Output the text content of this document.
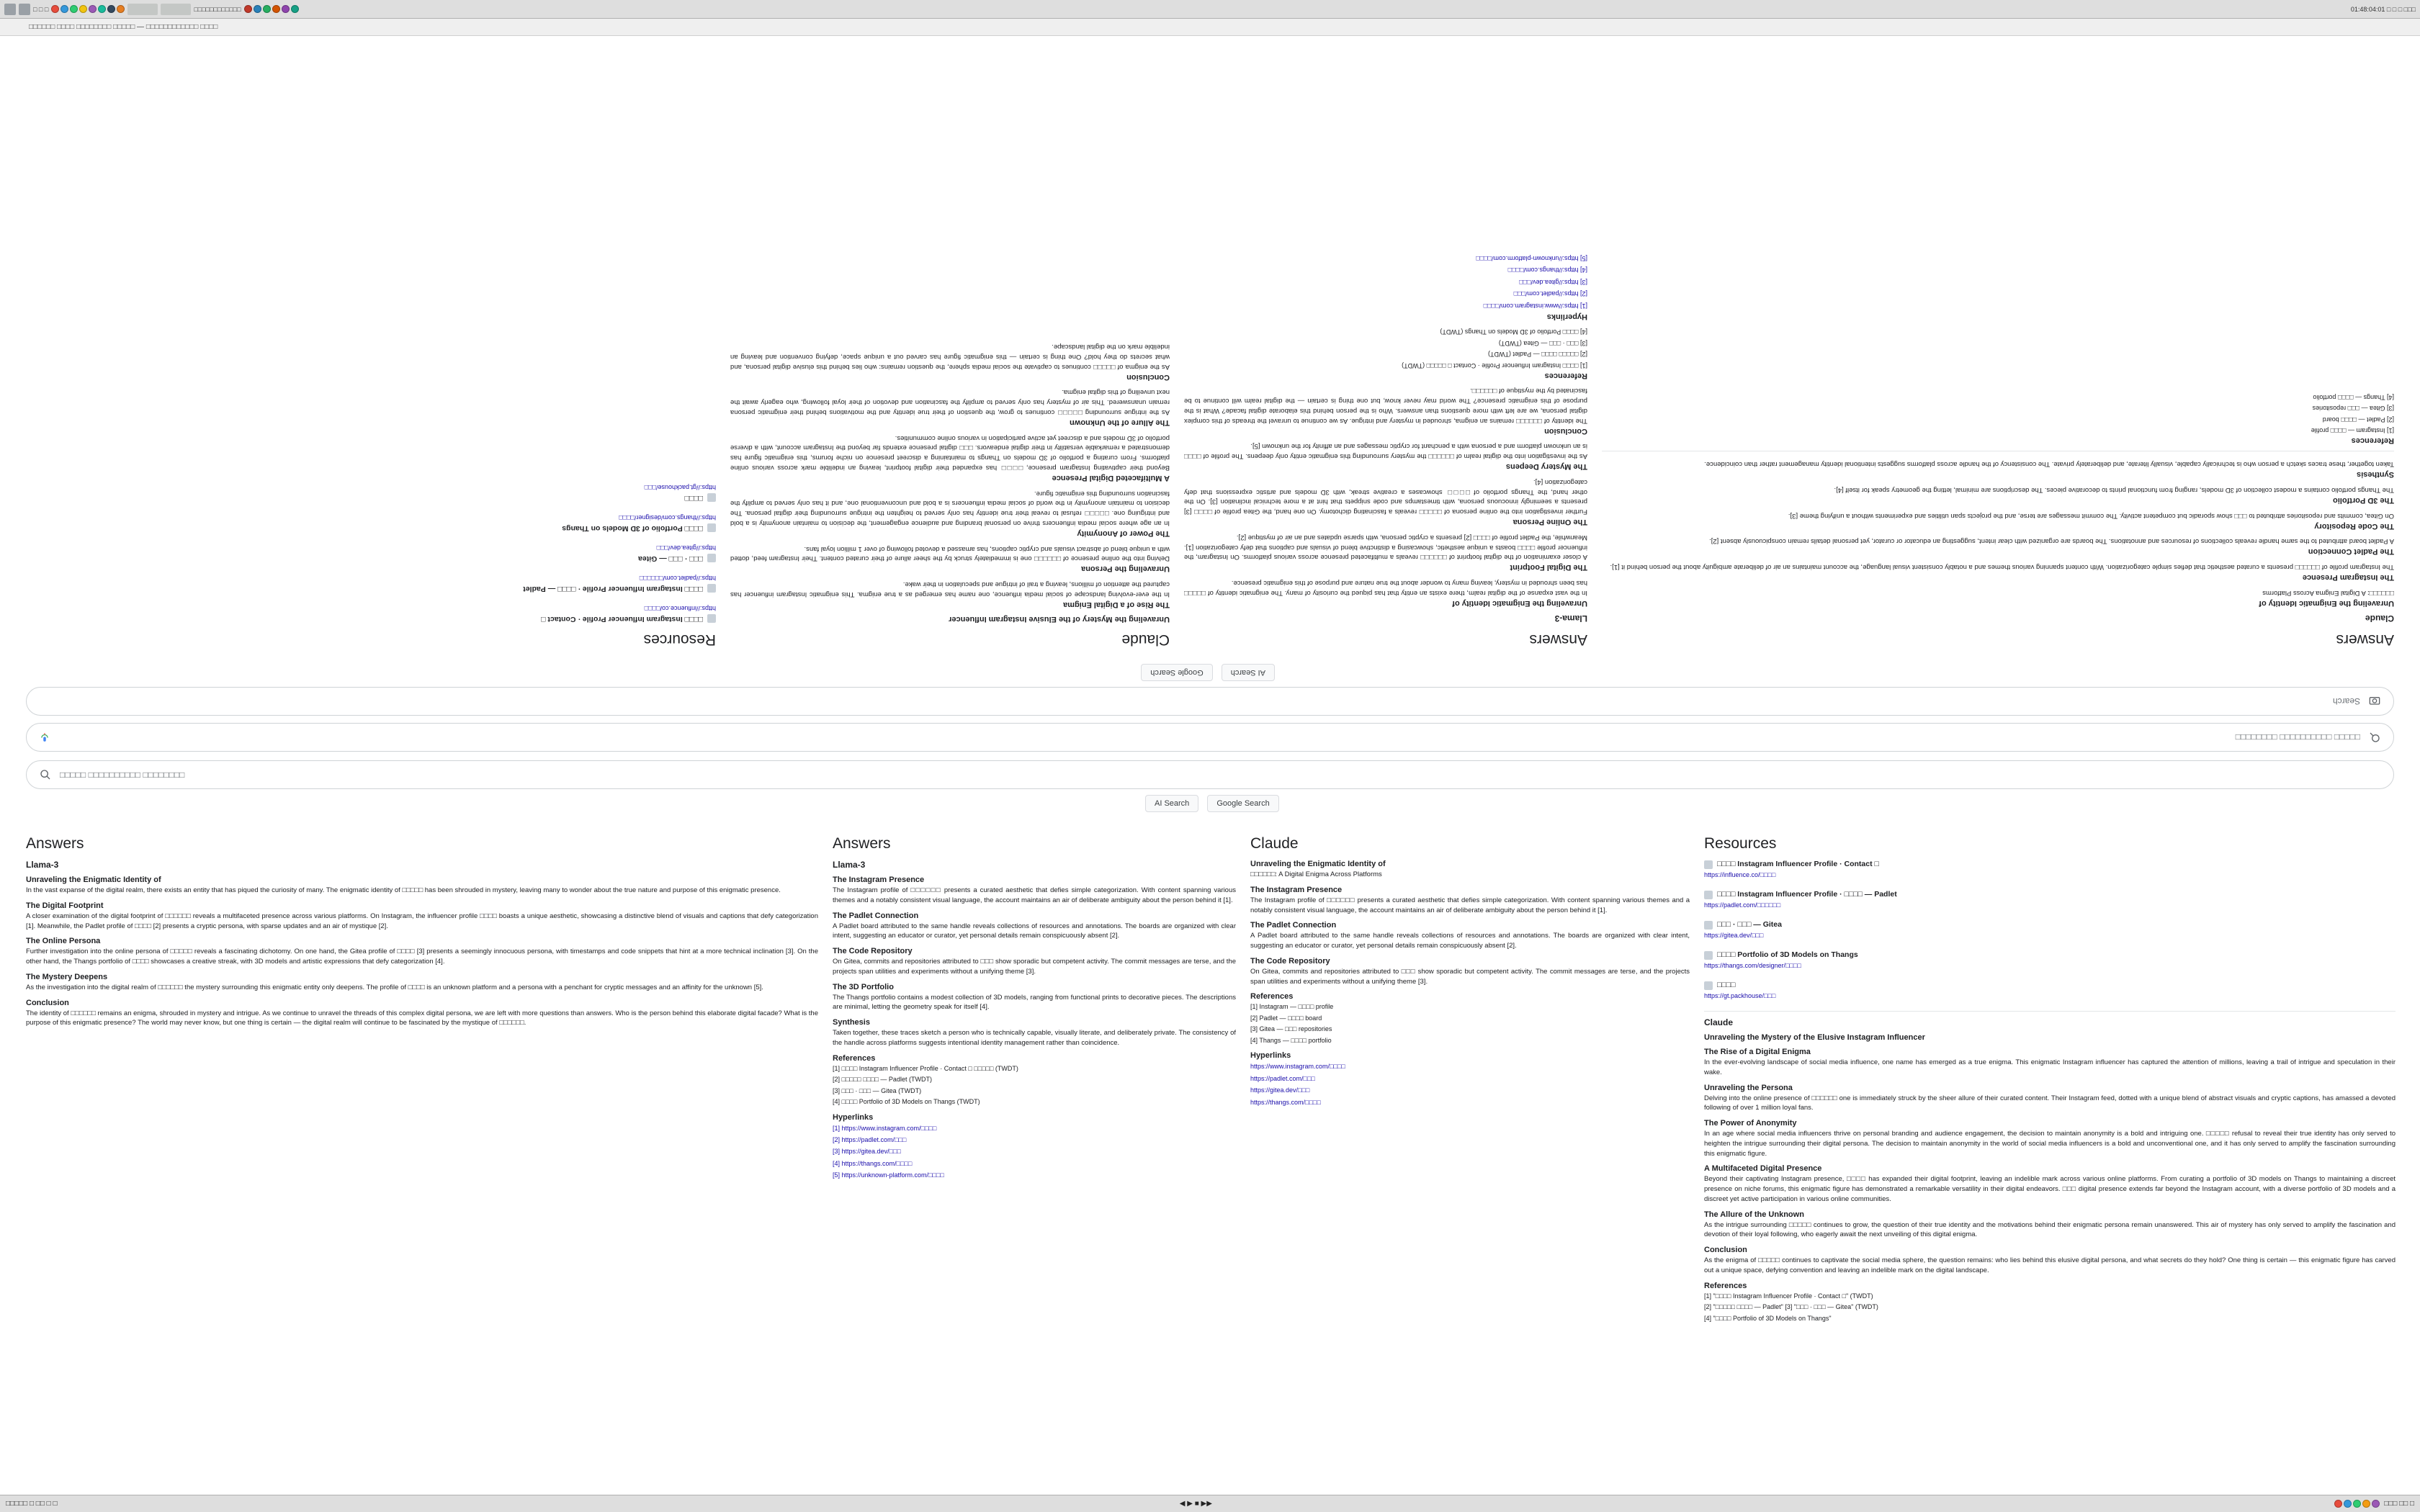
□ □ □	□□□□□□□□□□□□	01:48:04:01 □ □ □ □□□
□□□□□□ □□□□ □□□□□□□□ □□□□□ — □□□□□□□□□□□□ □□□□
□□□□□ □□□□□□□□□□ □□□□□□□□
Search
AI Search
Google Search
Answers
Claude
Unraveling the Enigmatic Identity of

□□□□□□: A Digital Enigma Across Platforms

The Instagram Presence

The Instagram profile of □□□□□□ presents a curated aesthetic that defies simple categorization. With content spanning various themes and a notably consistent visual language, the account maintains an air of deliberate ambiguity about the person behind it [1].

The Padlet Connection

A Padlet board attributed to the same handle reveals collections of resources and annotations. The boards are organized with clear intent, suggesting an educator or curator, yet personal details remain conspicuously absent [2].

The Code Repository

On Gitea, commits and repositories attributed to □□□ show sporadic but competent activity. The commit messages are terse, and the projects span utilities and experiments without a unifying theme [3].

The 3D Portfolio

The Thangs portfolio contains a modest collection of 3D models, ranging from functional prints to decorative pieces. The descriptions are minimal, letting the geometry speak for itself [4].

Synthesis

Taken together, these traces sketch a person who is technically capable, visually literate, and deliberately private. The consistency of the handle across platforms suggests intentional identity management rather than coincidence.

References
[1] Instagram — □□□□ profile
[2] Padlet — □□□□ board
[3] Gitea — □□□ repositories
[4] Thangs — □□□□ portfolio
Answers
Llama-3
Unraveling the Enigmatic Identity of

In the vast expanse of the digital realm, there exists an entity that has piqued the curiosity of many. The enigmatic identity of □□□□□ has been shrouded in mystery, leaving many to wonder about the true nature and purpose of this enigmatic presence.

The Digital Footprint

A closer examination of the digital footprint of □□□□□□ reveals a multifaceted presence across various platforms. On Instagram, the influencer profile □□□□ boasts a unique aesthetic, showcasing a distinctive blend of visuals and captions that defy categorization [1]. Meanwhile, the Padlet profile of □□□□ [2] presents a cryptic persona, with sparse updates and an air of mystique [2].

The Online Persona

Further investigation into the online persona of □□□□□ reveals a fascinating dichotomy. On one hand, the Gitea profile of □□□□ [3] presents a seemingly innocuous persona, with timestamps and code snippets that hint at a more technical inclination [3]. On the other hand, the Thangs portfolio of □□□□ showcases a creative streak, with 3D models and artistic expressions that defy categorization [4].

The Mystery Deepens

As the investigation into the digital realm of □□□□□□ the mystery surrounding this enigmatic entity only deepens. The profile of □□□□ is an unknown platform and a persona with a penchant for cryptic messages and an affinity for the unknown [5].

Conclusion

The identity of □□□□□□ remains an enigma, shrouded in mystery and intrigue. As we continue to unravel the threads of this complex digital persona, we are left with more questions than answers. Who is the person behind this elaborate digital facade? What is the purpose of this enigmatic presence? The world may never know, but one thing is certain — the digital realm will continue to be fascinated by the mystique of □□□□□□.

References
[1] □□□□ Instagram Influencer Profile · Contact □ □□□□□ (TWDT)
[2] □□□□□ □□□□ — Padlet (TWDT)
[3] □□□ · □□□ — Gitea (TWDT)
[4] □□□□ Portfolio of 3D Models on Thangs (TWDT)
Hyperlinks
[1] https://www.instagram.com/□□□□
[2] https://padlet.com/□□□
[3] https://gitea.dev/□□□
[4] https://thangs.com/□□□□
[5] https://unknown-platform.com/□□□□
Claude
Unraveling the Mystery of the Elusive Instagram Influencer
The Rise of a Digital Enigma

In the ever-evolving landscape of social media influence, one name has emerged as a true enigma. This enigmatic Instagram influencer has captured the attention of millions, leaving a trail of intrigue and speculation in their wake.

Unraveling the Persona

Delving into the online presence of □□□□□□ one is immediately struck by the sheer allure of their curated content. Their Instagram feed, dotted with a unique blend of abstract visuals and cryptic captions, has amassed a devoted following of over 1 million loyal fans.

The Power of Anonymity

In an age where social media influencers thrive on personal branding and audience engagement, the decision to maintain anonymity is a bold and intriguing one. □□□□□ refusal to reveal their true identity has only served to heighten the intrigue surrounding their digital persona. The decision to maintain anonymity in the world of social media influencers is a bold and unconventional one, and it has only served to amplify the fascination surrounding this enigmatic figure.

A Multifaceted Digital Presence

Beyond their captivating Instagram presence, □□□□ has expanded their digital footprint, leaving an indelible mark across various online platforms. From curating a portfolio of 3D models on Thangs to maintaining a discreet presence on niche forums, this enigmatic figure has demonstrated a remarkable versatility in their digital endeavors. □□□ digital presence extends far beyond the Instagram account, with a diverse portfolio of 3D models and a discreet yet active participation in various online communities.

The Allure of the Unknown

As the intrigue surrounding □□□□□ continues to grow, the question of their true identity and the motivations behind their enigmatic persona remain unanswered. This air of mystery has only served to amplify the fascination and devotion of their loyal following, who eagerly await the next unveiling of this digital enigma.

Conclusion

As the enigma of □□□□□ continues to captivate the social media sphere, the question remains: who lies behind this elusive digital persona, and what secrets do they hold? One thing is certain — this enigmatic figure has carved out a unique space, defying convention and leaving an indelible mark on the digital landscape.

Resources
□□□□ Instagram Influencer Profile · Contact □
https://influence.co/□□□□
□□□□ Instagram Influencer Profile · □□□□ — Padlet
https://padlet.com/□□□□□□
□□□ · □□□ — Gitea
https://gitea.dev/□□□
□□□□ Portfolio of 3D Models on Thangs
https://thangs.com/designer/□□□□
□□□□
https://gt.packhouse/□□□
□□□□□ □□□□□□□□□□ □□□□□□□□
AI Search	Google Search
Answers
Llama-3
Unraveling the Enigmatic Identity of

In the vast expanse of the digital realm, there exists an entity that has piqued the curiosity of many. The enigmatic identity of □□□□□ has been shrouded in mystery, leaving many to wonder about the true nature and purpose of this enigmatic presence.

The Digital Footprint

A closer examination of the digital footprint of □□□□□□ reveals a multifaceted presence across various platforms. On Instagram, the influencer profile □□□□ boasts a unique aesthetic, showcasing a distinctive blend of visuals and captions that defy categorization [1]. Meanwhile, the Padlet profile of □□□□ [2] presents a cryptic persona, with sparse updates and an air of mystique [2].

The Online Persona

Further investigation into the online persona of □□□□□ reveals a fascinating dichotomy. On one hand, the Gitea profile of □□□□ [3] presents a seemingly innocuous persona, with timestamps and code snippets that hint at a more technical inclination [3]. On the other hand, the Thangs portfolio of □□□□ showcases a creative streak, with 3D models and artistic expressions that defy categorization [4].

The Mystery Deepens

As the investigation into the digital realm of □□□□□□ the mystery surrounding this enigmatic entity only deepens. The profile of □□□□ is an unknown platform and a persona with a penchant for cryptic messages and an affinity for the unknown [5].

Conclusion

The identity of □□□□□□ remains an enigma, shrouded in mystery and intrigue. As we continue to unravel the threads of this complex digital persona, we are left with more questions than answers. Who is the person behind this elaborate digital facade? What is the purpose of this enigmatic presence? The world may never know, but one thing is certain — the digital realm will continue to be fascinated by the mystique of □□□□□□.

Answers
Llama-3
The Instagram Presence

The Instagram profile of □□□□□□ presents a curated aesthetic that defies simple categorization. With content spanning various themes and a notably consistent visual language, the account maintains an air of deliberate ambiguity about the person behind it [1].

The Padlet Connection

A Padlet board attributed to the same handle reveals collections of resources and annotations. The boards are organized with clear intent, suggesting an educator or curator, yet personal details remain conspicuously absent [2].

The Code Repository

On Gitea, commits and repositories attributed to □□□ show sporadic but competent activity. The commit messages are terse, and the projects span utilities and experiments without a unifying theme [3].

The 3D Portfolio

The Thangs portfolio contains a modest collection of 3D models, ranging from functional prints to decorative pieces. The descriptions are minimal, letting the geometry speak for itself [4].

Synthesis

Taken together, these traces sketch a person who is technically capable, visually literate, and deliberately private. The consistency of the handle across platforms suggests intentional identity management rather than coincidence.

References
[1] □□□□ Instagram Influencer Profile · Contact □ □□□□□ (TWDT)
[2] □□□□□ □□□□ — Padlet (TWDT)
[3] □□□ · □□□ — Gitea (TWDT)
[4] □□□□ Portfolio of 3D Models on Thangs (TWDT)
Hyperlinks
[1] https://www.instagram.com/□□□□
[2] https://padlet.com/□□□
[3] https://gitea.dev/□□□
[4] https://thangs.com/□□□□
[5] https://unknown-platform.com/□□□□
Claude
Unraveling the Enigmatic Identity of

□□□□□□: A Digital Enigma Across Platforms

The Instagram Presence

The Instagram profile of □□□□□□ presents a curated aesthetic that defies simple categorization. With content spanning various themes and a notably consistent visual language, the account maintains an air of deliberate ambiguity about the person behind it [1].

The Padlet Connection

A Padlet board attributed to the same handle reveals collections of resources and annotations. The boards are organized with clear intent, suggesting an educator or curator, yet personal details remain conspicuously absent [2].

The Code Repository

On Gitea, commits and repositories attributed to □□□ show sporadic but competent activity. The commit messages are terse, and the projects span utilities and experiments without a unifying theme [3].

References
[1] Instagram — □□□□ profile
[2] Padlet — □□□□ board
[3] Gitea — □□□ repositories
[4] Thangs — □□□□ portfolio
Hyperlinks
https://www.instagram.com/□□□□
https://padlet.com/□□□
https://gitea.dev/□□□
https://thangs.com/□□□□
Resources
□□□□ Instagram Influencer Profile · Contact □
https://influence.co/□□□□
□□□□ Instagram Influencer Profile · □□□□ — Padlet
https://padlet.com/□□□□□□
□□□ · □□□ — Gitea
https://gitea.dev/□□□
□□□□ Portfolio of 3D Models on Thangs
https://thangs.com/designer/□□□□
□□□□
https://gt.packhouse/□□□
Claude
Unraveling the Mystery of the Elusive Instagram Influencer
The Rise of a Digital Enigma

In the ever-evolving landscape of social media influence, one name has emerged as a true enigma. This enigmatic Instagram influencer has captured the attention of millions, leaving a trail of intrigue and speculation in their wake.

Unraveling the Persona

Delving into the online presence of □□□□□□ one is immediately struck by the sheer allure of their curated content. Their Instagram feed, dotted with a unique blend of abstract visuals and cryptic captions, has amassed a devoted following of over 1 million loyal fans.

The Power of Anonymity

In an age where social media influencers thrive on personal branding and audience engagement, the decision to maintain anonymity is a bold and intriguing one. □□□□□ refusal to reveal their true identity has only served to heighten the intrigue surrounding their digital persona. The decision to maintain anonymity in the world of social media influencers is a bold and unconventional one, and it has only served to amplify the fascination surrounding this enigmatic figure.

A Multifaceted Digital Presence

Beyond their captivating Instagram presence, □□□□ has expanded their digital footprint, leaving an indelible mark across various online platforms. From curating a portfolio of 3D models on Thangs to maintaining a discreet presence on niche forums, this enigmatic figure has demonstrated a remarkable versatility in their digital endeavors. □□□ digital presence extends far beyond the Instagram account, with a diverse portfolio of 3D models and a discreet yet active participation in various online communities.

The Allure of the Unknown

As the intrigue surrounding □□□□□ continues to grow, the question of their true identity and the motivations behind their enigmatic persona remain unanswered. This air of mystery has only served to amplify the fascination and devotion of their loyal following, who eagerly await the next unveiling of this digital enigma.

Conclusion

As the enigma of □□□□□ continues to captivate the social media sphere, the question remains: who lies behind this elusive digital persona, and what secrets do they hold? One thing is certain — this enigmatic figure has carved out a unique space, defying convention and leaving an indelible mark on the digital landscape.

References
[1] "□□□□ Instagram Influencer Profile · Contact □" (TWDT)
[2] "□□□□□ □□□□ — Padlet" [3] "□□□ · □□□ — Gitea" (TWDT)
[4] "□□□□ Portfolio of 3D Models on Thangs"
□□□□□ □ □□ □ □	◀ ▶ ■ ▶▶	□□□ □□ □
